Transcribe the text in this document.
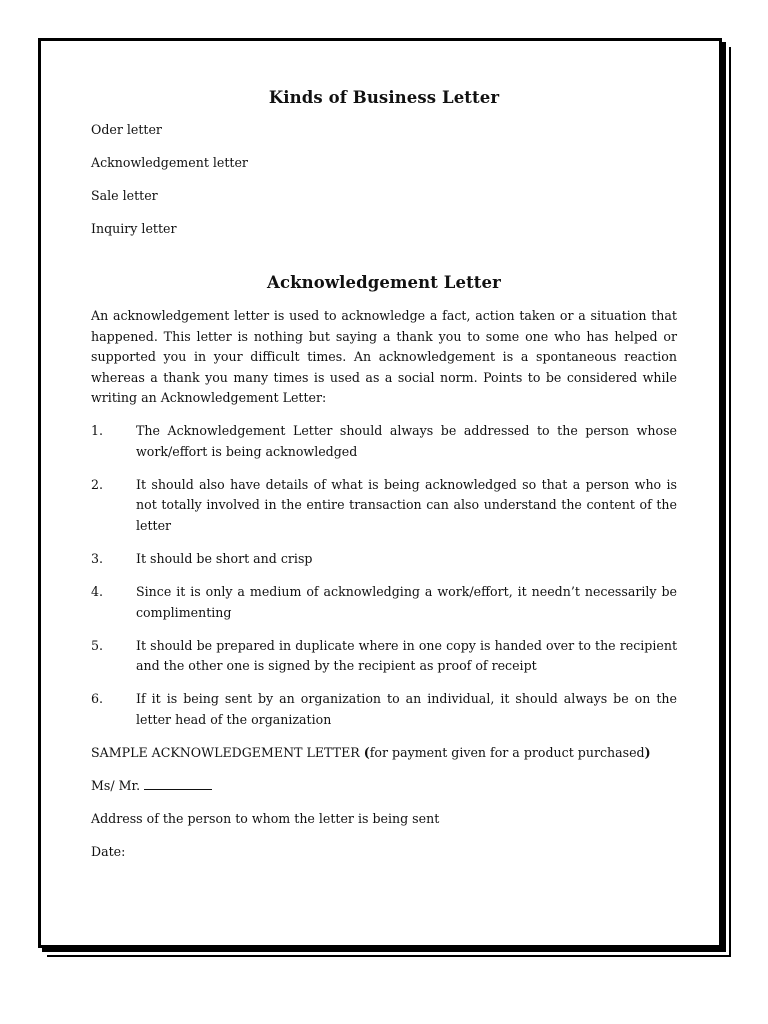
Kinds of Business Letter
Oder letter
Acknowledgement letter
Sale letter
Inquiry letter
Acknowledgement Letter

An acknowledgement letter is used to acknowledge a fact, action taken or a situation that happened. This letter is nothing but saying a thank you to some one who has helped or supported you in your difficult times. An acknowledgement is a spontaneous reaction whereas a thank you many times is used as a social norm. Points to be considered while writing an Acknowledgement Letter:

1.	The Acknowledgement Letter should always be addressed to the person whose work/effort is being acknowledged
2.	It should also have details of what is being acknowledged so that a person who is not totally involved in the entire transaction can also understand the content of the letter
3.	It should be short and crisp
4.	Since it is only a medium of acknowledging a work/effort, it needn’t necessarily be complimenting
5.	It should be prepared in duplicate where in one copy is handed over to the recipient and the other one is signed by the recipient as proof of receipt
6.	If it is being sent by an organization to an individual, it should always be on the letter head of the organization

SAMPLE ACKNOWLEDGEMENT LETTER (for payment given for a product purchased)

Ms/ Mr.

Address of the person to whom the letter is being sent

Date:
